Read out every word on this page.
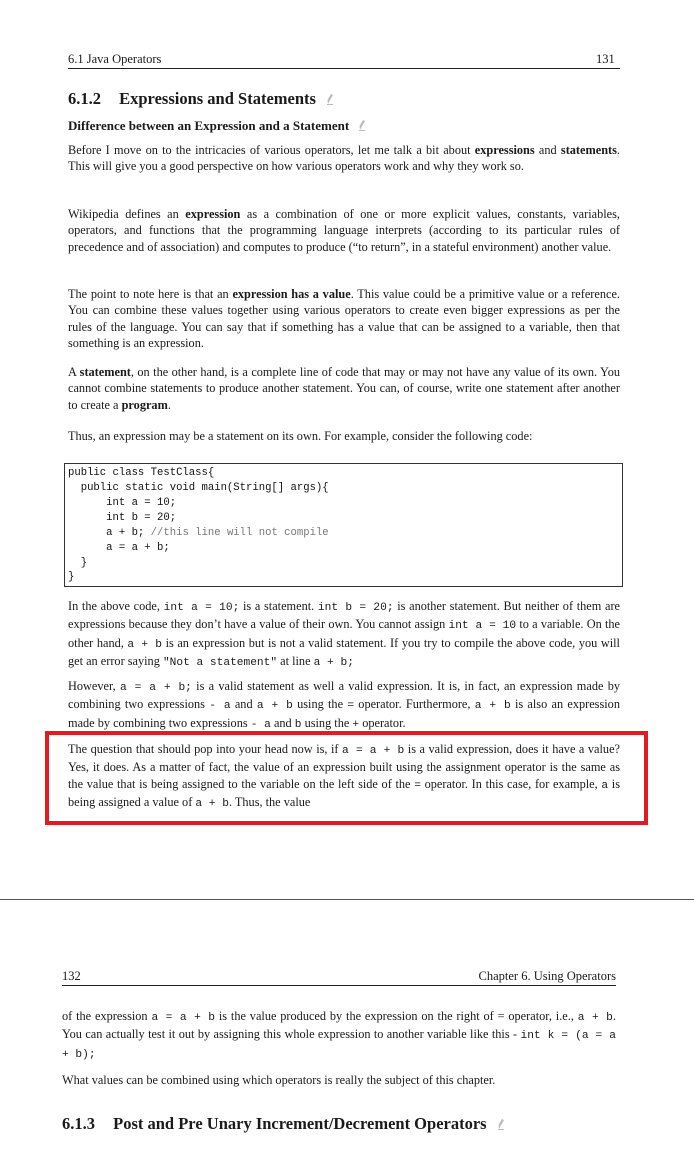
6.1 Java Operators	131
6.1.2 Expressions and Statements
Difference between an Expression and a Statement
Before I move on to the intricacies of various operators, let me talk a bit about expressions and statements. This will give you a good perspective on how various operators work and why they work so.
Wikipedia defines an expression as a combination of one or more explicit values, constants, variables, operators, and functions that the programming language interprets (according to its particular rules of precedence and of association) and computes to produce (“to return”, in a stateful environment) another value.
The point to note here is that an expression has a value. This value could be a primitive value or a reference. You can combine these values together using various operators to create even bigger expressions as per the rules of the language. You can say that if something has a value that can be assigned to a variable, then that something is an expression.
A statement, on the other hand, is a complete line of code that may or may not have any value of its own. You cannot combine statements to produce another statement. You can, of course, write one statement after another to create a program.
Thus, an expression may be a statement on its own. For example, consider the following code:
public class TestClass{
public static void main(String[] args){
int a = 10;
int b = 20;
a + b; //this line will not compile
a = a + b;
}
}
In the above code, int a = 10; is a statement. int b = 20; is another statement. But neither of them are expressions because they don’t have a value of their own. You cannot assign int a = 10 to a variable. On the other hand, a + b is an expression but is not a valid statement. If you try to compile the above code, you will get an error saying "Not a statement" at line a + b;
However, a = a + b; is a valid statement as well a valid expression. It is, in fact, an expression made by combining two expressions - a and a + b using the = operator. Furthermore, a + b is also an expression made by combining two expressions - a and b using the + operator.
The question that should pop into your head now is, if a = a + b is a valid expression, does it have a value? Yes, it does. As a matter of fact, the value of an expression built using the assignment operator is the same as the value that is being assigned to the variable on the left side of the = operator. In this case, for example, a is being assigned a value of a + b. Thus, the value
132	Chapter 6. Using Operators
of the expression a = a + b is the value produced by the expression on the right of = operator, i.e., a + b. You can actually test it out by assigning this whole expression to another variable like this - int k = (a = a + b);
What values can be combined using which operators is really the subject of this chapter.
6.1.3 Post and Pre Unary Increment/Decrement Operators
